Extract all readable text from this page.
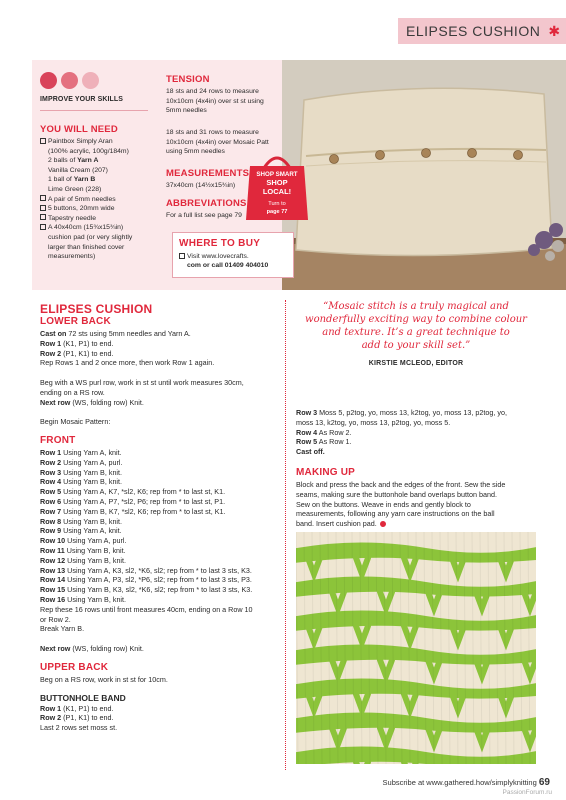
ELIPSES CUSHION ✱
IMPROVE YOUR SKILLS
YOU WILL NEED
Paintbox Simply Aran
(100% acrylic, 100g/184m)
2 balls of Yarn A
Vanilla Cream (207)
1 ball of Yarn B
Lime Green (228)
A pair of 5mm needles
5 buttons, 20mm wide
Tapestry needle
A 40x40cm (15¾x15¾in)
cushion pad (or very slightly
larger than finished cover
measurements)
TENSION
18 sts and 24 rows to measure
10x10cm (4x4in) over st st using
5mm needles
18 sts and 31 rows to measure
10x10cm (4x4in) over Mosaic Patt
using 5mm needles
MEASUREMENTS
37x40cm (14½x15¾in)
ABBREVIATIONS
For a full list see page 79
WHERE TO BUY
Visit www.lovecrafts.
com or call 01409 404010
SHOP SMART
SHOP
LOCAL!
Turn to
page 77
ELIPSES CUSHION
LOWER BACK

Cast on 72 sts using 5mm needles and Yarn A.

Row 1 (K1, P1) to end.

Row 2 (P1, K1) to end.

Rep Rows 1 and 2 once more, then work Row 1 again.

Beg with a WS purl row, work in st st until work measures 30cm,

ending on a RS row.

Next row (WS, folding row) Knit.

Begin Mosaic Pattern:

FRONT

Row 1 Using Yarn A, knit.

Row 2 Using Yarn A, purl.

Row 3 Using Yarn B, knit.

Row 4 Using Yarn B, knit.

Row 5 Using Yarn A, K7, *sl2, K6; rep from * to last st, K1.

Row 6 Using Yarn A, P7, *sl2, P6; rep from * to last st, P1.

Row 7 Using Yarn B, K7, *sl2, K6; rep from * to last st, K1.

Row 8 Using Yarn B, knit.

Row 9 Using Yarn A, knit.

Row 10 Using Yarn A, purl.

Row 11 Using Yarn B, knit.

Row 12 Using Yarn B, knit.

Row 13 Using Yarn A, K3, sl2, *K6, sl2; rep from * to last 3 sts, K3.

Row 14 Using Yarn A, P3, sl2, *P6, sl2; rep from * to last 3 sts, P3.

Row 15 Using Yarn B, K3, sl2, *K6, sl2; rep from * to last 3 sts, K3.

Row 16 Using Yarn B, knit.

Rep these 16 rows until front measures 40cm, ending on a Row 10

or Row 2.

Break Yarn B.

Next row (WS, folding row) Knit.

UPPER BACK

Beg on a RS row, work in st st for 10cm.

BUTTONHOLE BAND

Row 1 (K1, P1) to end.

Row 2 (P1, K1) to end.

Last 2 rows set moss st.

“Mosaic stitch is a truly magical and
wonderfully exciting way to combine colour
and texture. It’s a great technique to
add to your skill set.”
KIRSTIE MCLEOD, EDITOR

Row 3 Moss 5, p2tog, yo, moss 13, k2tog, yo, moss 13, p2tog, yo,

moss 13, k2tog, yo, moss 13, p2tog, yo, moss 5.

Row 4 As Row 2.

Row 5 As Row 1.

Cast off.

MAKING UP

Block and press the back and the edges of the front. Sew the side

seams, making sure the buttonhole band overlaps button band.

Sew on the buttons. Weave in ends and gently block to

measurements, following any yarn care instructions on the ball

band. Insert cushion pad.

Subscribe at www.gathered.how/simplyknitting 69
PassionForum.ru
